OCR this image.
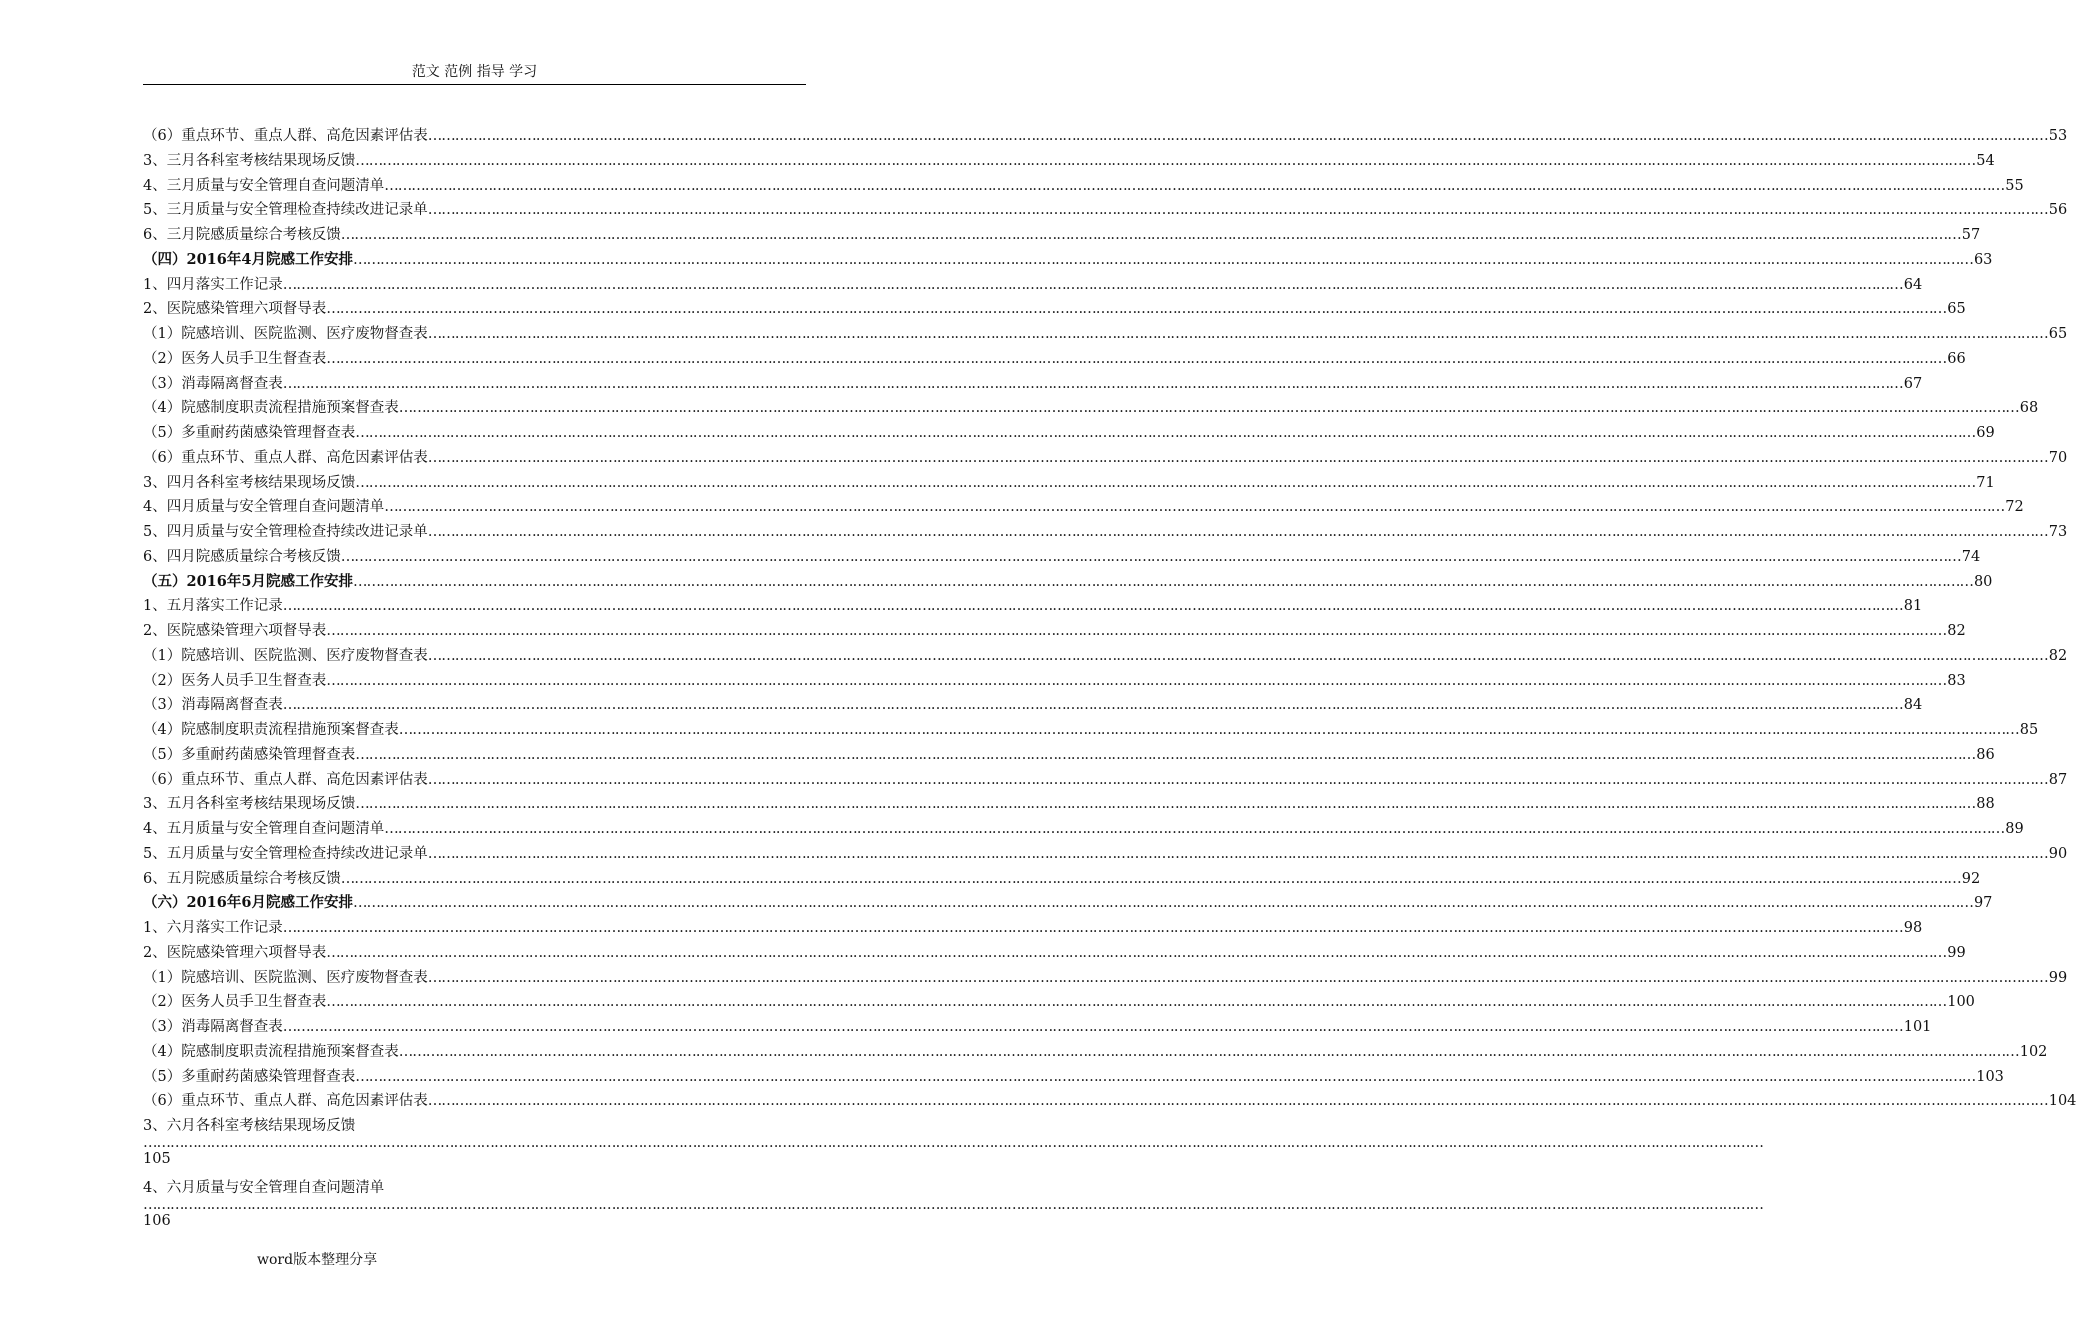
范文 范例 指导 学习
（6）重点环节、重点人群、高危因素评估表 ……………………………………………………………………………………………………………………………………………………………………………………………………………………………………………………………………………………………………………………………… 53
3、三月各科室考核结果现场反馈 ……………………………………………………………………………………………………………………………………………………………………………………………………………………………………………………………………………………………………………………………… 54
4、三月质量与安全管理自查问题清单 ……………………………………………………………………………………………………………………………………………………………………………………………………………………………………………………………………………………………………………………………… 55
5、三月质量与安全管理检查持续改进记录单 ……………………………………………………………………………………………………………………………………………………………………………………………………………………………………………………………………………………………………………………………… 56
6、三月院感质量综合考核反馈 ……………………………………………………………………………………………………………………………………………………………………………………………………………………………………………………………………………………………………………………………… 57
（四）2016年4月院感工作安排 ……………………………………………………………………………………………………………………………………………………………………………………………………………………………………………………………………………………………………………………………… 63
1、四月落实工作记录 ……………………………………………………………………………………………………………………………………………………………………………………………………………………………………………………………………………………………………………………………… 64
2、医院感染管理六项督导表 ……………………………………………………………………………………………………………………………………………………………………………………………………………………………………………………………………………………………………………………………… 65
（1）院感培训、医院监测、医疗废物督查表 ……………………………………………………………………………………………………………………………………………………………………………………………………………………………………………………………………………………………………………………………… 65
（2）医务人员手卫生督查表 ……………………………………………………………………………………………………………………………………………………………………………………………………………………………………………………………………………………………………………………………… 66
（3）消毒隔离督查表 ……………………………………………………………………………………………………………………………………………………………………………………………………………………………………………………………………………………………………………………………… 67
（4）院感制度职责流程措施预案督查表 ……………………………………………………………………………………………………………………………………………………………………………………………………………………………………………………………………………………………………………………………… 68
（5）多重耐药菌感染管理督查表 ……………………………………………………………………………………………………………………………………………………………………………………………………………………………………………………………………………………………………………………………… 69
（6）重点环节、重点人群、高危因素评估表 ……………………………………………………………………………………………………………………………………………………………………………………………………………………………………………………………………………………………………………………………… 70
3、四月各科室考核结果现场反馈 ……………………………………………………………………………………………………………………………………………………………………………………………………………………………………………………………………………………………………………………………… 71
4、四月质量与安全管理自查问题清单 ……………………………………………………………………………………………………………………………………………………………………………………………………………………………………………………………………………………………………………………………… 72
5、四月质量与安全管理检查持续改进记录单 ……………………………………………………………………………………………………………………………………………………………………………………………………………………………………………………………………………………………………………………………… 73
6、四月院感质量综合考核反馈 ……………………………………………………………………………………………………………………………………………………………………………………………………………………………………………………………………………………………………………………………… 74
（五）2016年5月院感工作安排 ……………………………………………………………………………………………………………………………………………………………………………………………………………………………………………………………………………………………………………………………… 80
1、五月落实工作记录 ……………………………………………………………………………………………………………………………………………………………………………………………………………………………………………………………………………………………………………………………… 81
2、医院感染管理六项督导表 ……………………………………………………………………………………………………………………………………………………………………………………………………………………………………………………………………………………………………………………………… 82
（1）院感培训、医院监测、医疗废物督查表 ……………………………………………………………………………………………………………………………………………………………………………………………………………………………………………………………………………………………………………………………… 82
（2）医务人员手卫生督查表 ……………………………………………………………………………………………………………………………………………………………………………………………………………………………………………………………………………………………………………………………… 83
（3）消毒隔离督查表 ……………………………………………………………………………………………………………………………………………………………………………………………………………………………………………………………………………………………………………………………… 84
（4）院感制度职责流程措施预案督查表 ……………………………………………………………………………………………………………………………………………………………………………………………………………………………………………………………………………………………………………………………… 85
（5）多重耐药菌感染管理督查表 ……………………………………………………………………………………………………………………………………………………………………………………………………………………………………………………………………………………………………………………………… 86
（6）重点环节、重点人群、高危因素评估表 ……………………………………………………………………………………………………………………………………………………………………………………………………………………………………………………………………………………………………………………………… 87
3、五月各科室考核结果现场反馈 ……………………………………………………………………………………………………………………………………………………………………………………………………………………………………………………………………………………………………………………………… 88
4、五月质量与安全管理自查问题清单 ……………………………………………………………………………………………………………………………………………………………………………………………………………………………………………………………………………………………………………………………… 89
5、五月质量与安全管理检查持续改进记录单 ……………………………………………………………………………………………………………………………………………………………………………………………………………………………………………………………………………………………………………………………… 90
6、五月院感质量综合考核反馈 ……………………………………………………………………………………………………………………………………………………………………………………………………………………………………………………………………………………………………………………………… 92
（六）2016年6月院感工作安排 ……………………………………………………………………………………………………………………………………………………………………………………………………………………………………………………………………………………………………………………………… 97
1、六月落实工作记录 ……………………………………………………………………………………………………………………………………………………………………………………………………………………………………………………………………………………………………………………………… 98
2、医院感染管理六项督导表 ……………………………………………………………………………………………………………………………………………………………………………………………………………………………………………………………………………………………………………………………… 99
（1）院感培训、医院监测、医疗废物督查表 ……………………………………………………………………………………………………………………………………………………………………………………………………………………………………………………………………………………………………………………………… 99
（2）医务人员手卫生督查表 ……………………………………………………………………………………………………………………………………………………………………………………………………………………………………………………………………………………………………………………………… 100
（3）消毒隔离督查表 ……………………………………………………………………………………………………………………………………………………………………………………………………………………………………………………………………………………………………………………………… 101
（4）院感制度职责流程措施预案督查表 ……………………………………………………………………………………………………………………………………………………………………………………………………………………………………………………………………………………………………………………………… 102
（5）多重耐药菌感染管理督查表 ……………………………………………………………………………………………………………………………………………………………………………………………………………………………………………………………………………………………………………………………… 103
（6）重点环节、重点人群、高危因素评估表 ……………………………………………………………………………………………………………………………………………………………………………………………………………………………………………………………………………………………………………………………… 104
3、六月各科室考核结果现场反馈
………………………………………………………………………………………………………………………………………………………………………………………………………………………………………………………………………………………………………………………………
105
4、六月质量与安全管理自查问题清单
………………………………………………………………………………………………………………………………………………………………………………………………………………………………………………………………………………………………………………………………
106
word版本整理分享
